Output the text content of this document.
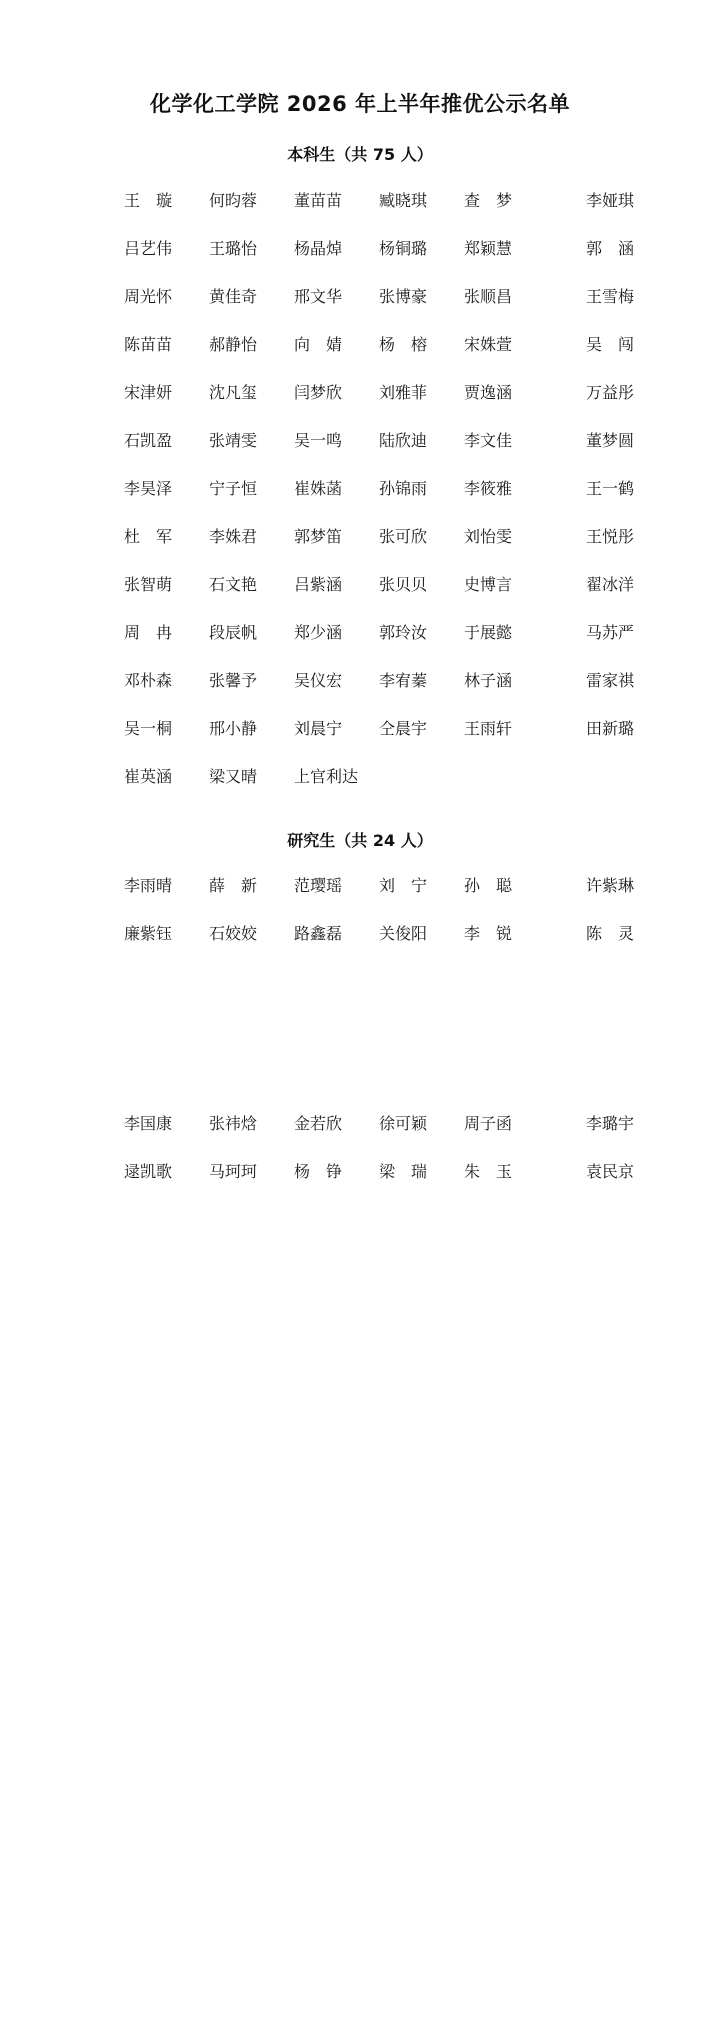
化学化工学院 2026 年上半年推优公示名单
本科生（共 75 人）
王　璇	何昀蓉	董苗苗	臧晓琪	查　梦	李娅琪
吕艺伟	王璐怡	杨晶焯	杨铜璐	郑颖慧	郭　涵
周光怀	黄佳奇	邢文华	张博豪	张顺昌	王雪梅
陈苗苗	郝静怡	向　婧	杨　榕	宋姝萱	吴　闯
宋津妍	沈凡玺	闫梦欣	刘雅菲	贾逸涵	万益彤
石凯盈	张靖雯	吴一鸣	陆欣迪	李文佳	董梦圆
李昊泽	宁子恒	崔姝菡	孙锦雨	李筱雅	王一鹤
杜　军	李姝君	郭梦笛	张可欣	刘怡雯	王悦彤
张智萌	石文艳	吕紫涵	张贝贝	史博言	翟冰洋
周　冉	段辰帆	郑少涵	郭玲汝	于展懿	马苏严
邓朴森	张馨予	吴仪宏	李宥蓁	林子涵	雷家祺
吴一桐	邢小静	刘晨宁	仝晨宇	王雨轩	田新璐
崔英涵	梁又晴	上官利达
研究生（共 24 人）
李雨晴	薛　新	范璎瑶	刘　宁	孙　聪	许紫琳
廉紫钰	石姣姣	路鑫磊	关俊阳	李　锐	陈　灵
李国康	张祎焓	金若欣	徐可颖	周子函	李璐宇
逯凯歌	马珂珂	杨　铮	梁　瑞	朱　玉	袁民京
